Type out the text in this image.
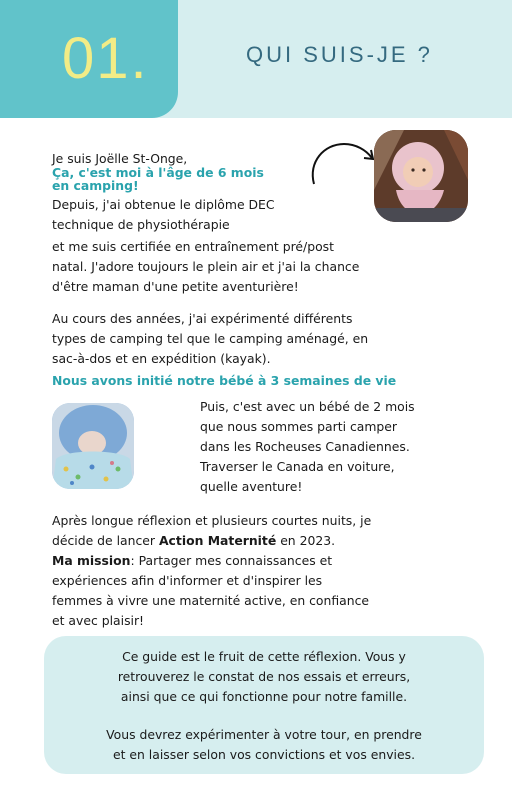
01.	QUI SUIS-JE ?

Je suis Joëlle St-Onge,

Ça, c'est moi à l'âge de 6 mois

en camping!

Depuis, j'ai obtenue le diplôme DEC

technique de physiothérapie

et me suis certifiée en entraînement pré/post

natal. J'adore toujours le plein air et j'ai la chance

d'être maman d'une petite aventurière!

Au cours des années, j'ai expérimenté différents

types de camping tel que le camping aménagé, en

sac-à-dos et en expédition (kayak).

Nous avons initié notre bébé à 3 semaines de vie

Puis, c'est avec un bébé de 2 mois

que nous sommes parti camper

dans les Rocheuses Canadiennes.

Traverser le Canada en voiture,

quelle aventure!

Après longue réflexion et plusieurs courtes nuits, je

décide de lancer Action Maternité en 2023.

Ma mission: Partager mes connaissances et

expériences afin d'informer et d'inspirer les

femmes à vivre une maternité active, en confiance

et avec plaisir!

Ce guide est le fruit de cette réflexion. Vous y

retrouverez le constat de nos essais et erreurs,

ainsi que ce qui fonctionne pour notre famille.

Vous devrez expérimenter à votre tour, en prendre

et en laisser selon vos convictions et vos envies.
